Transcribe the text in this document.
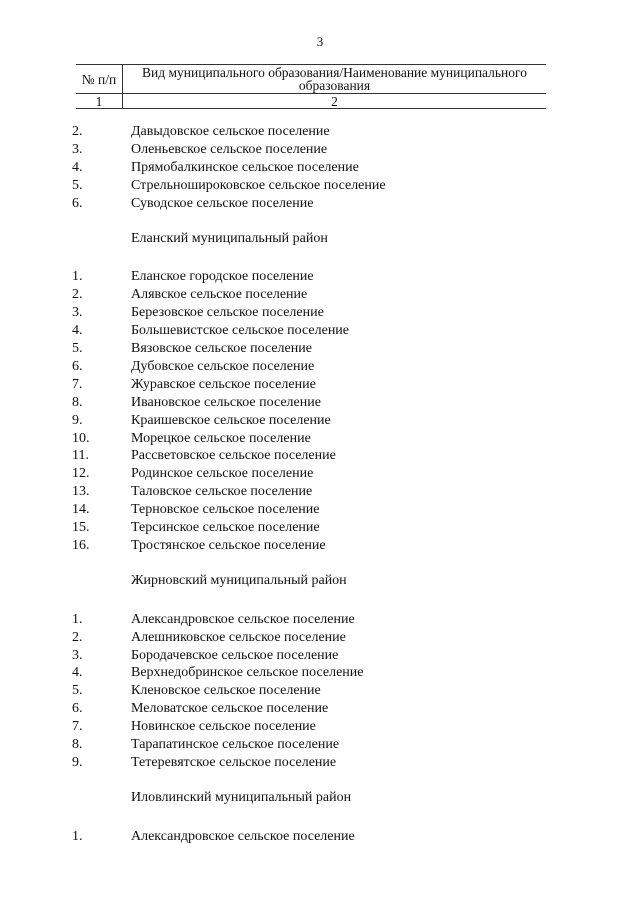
3
№ п/п	Вид муниципального образования/Наименование муниципального образования
1	2
2.	Давыдовское сельское поселение
3.	Оленьевское сельское поселение
4.	Прямобалкинское сельское поселение
5.	Стрельношироковское сельское поселение
6.	Суводское сельское поселение
Еланский муниципальный район
1.	Еланское городское поселение
2.	Алявское сельское поселение
3.	Березовское сельское поселение
4.	Большевистское сельское поселение
5.	Вязовское сельское поселение
6.	Дубовское сельское поселение
7.	Журавское сельское поселение
8.	Ивановское сельское поселение
9.	Краишевское сельское поселение
10.	Морецкое сельское поселение
11.	Рассветовское сельское поселение
12.	Родинское сельское поселение
13.	Таловское сельское поселение
14.	Терновское сельское поселение
15.	Терсинское сельское поселение
16.	Тростянское сельское поселение
Жирновский муниципальный район
1.	Александровское сельское поселение
2.	Алешниковское сельское поселение
3.	Бородачевское сельское поселение
4.	Верхнедобринское сельское поселение
5.	Кленовское сельское поселение
6.	Меловатское сельское поселение
7.	Новинское сельское поселение
8.	Тарапатинское сельское поселение
9.	Тетеревятское сельское поселение
Иловлинский муниципальный район
1.	Александровское сельское поселение
